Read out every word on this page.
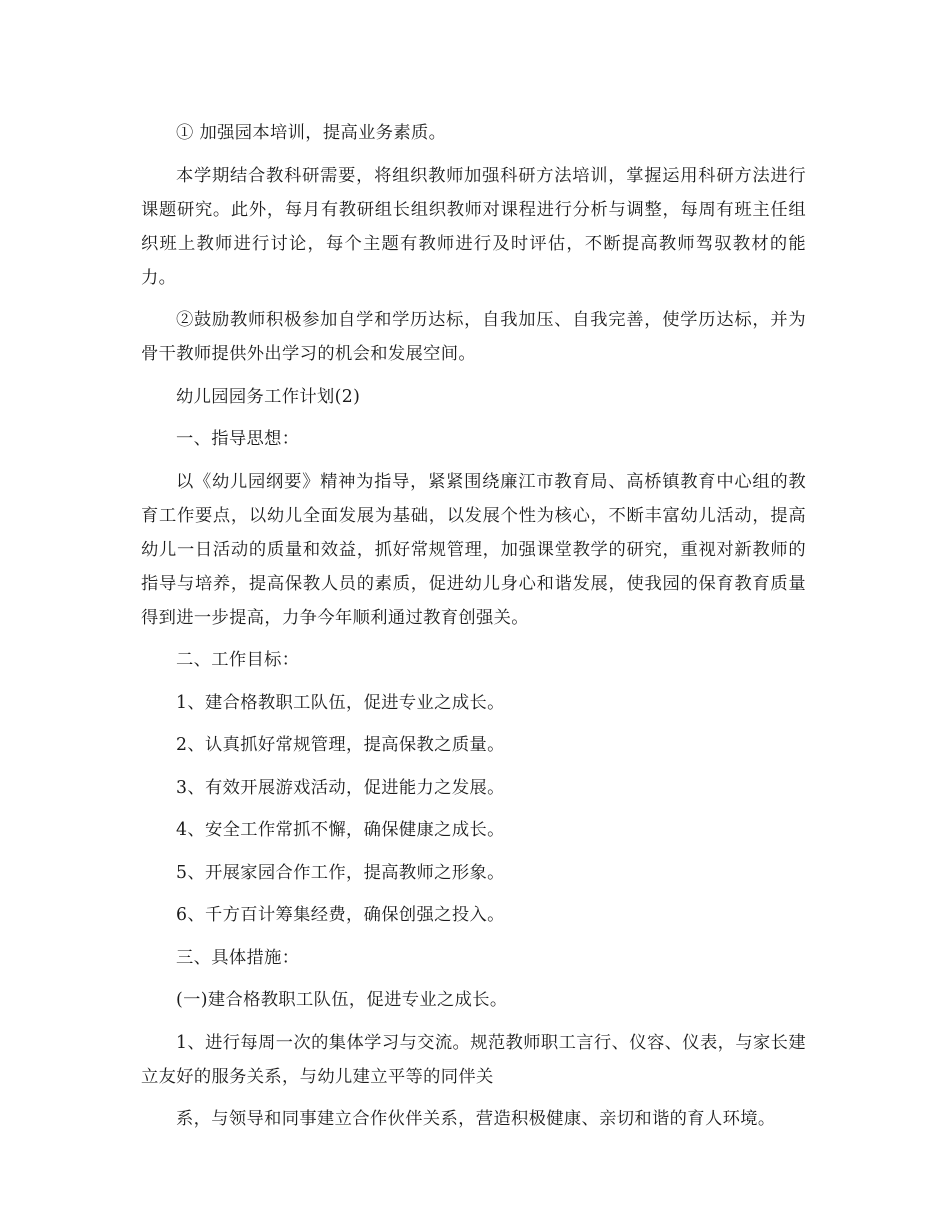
① 加强园本培训，提高业务素质。

本学期结合教科研需要，将组织教师加强科研方法培训，掌握运用科研方法进行课题研究。此外，每月有教研组长组织教师对课程进行分析与调整，每周有班主任组织班上教师进行讨论，每个主题有教师进行及时评估，不断提高教师驾驭教材的能力。

②鼓励教师积极参加自学和学历达标，自我加压、自我完善，使学历达标，并为骨干教师提供外出学习的机会和发展空间。

幼儿园园务工作计划(2)

一、指导思想：

以《幼儿园纲要》精神为指导，紧紧围绕廉江市教育局、高桥镇教育中心组的教育工作要点，以幼儿全面发展为基础，以发展个性为核心，不断丰富幼儿活动，提高幼儿一日活动的质量和效益，抓好常规管理，加强课堂教学的研究，重视对新教师的指导与培养，提高保教人员的素质，促进幼儿身心和谐发展，使我园的保育教育质量得到进一步提高，力争今年顺利通过教育创强关。

二、工作目标：

1、建合格教职工队伍，促进专业之成长。

2、认真抓好常规管理，提高保教之质量。

3、有效开展游戏活动，促进能力之发展。

4、安全工作常抓不懈，确保健康之成长。

5、开展家园合作工作，提高教师之形象。

6、千方百计筹集经费，确保创强之投入。

三、具体措施：

(一)建合格教职工队伍，促进专业之成长。

1、进行每周一次的集体学习与交流。规范教师职工言行、仪容、仪表，与家长建立友好的服务关系，与幼儿建立平等的同伴关

系，与领导和同事建立合作伙伴关系，营造积极健康、亲切和谐的育人环境。
